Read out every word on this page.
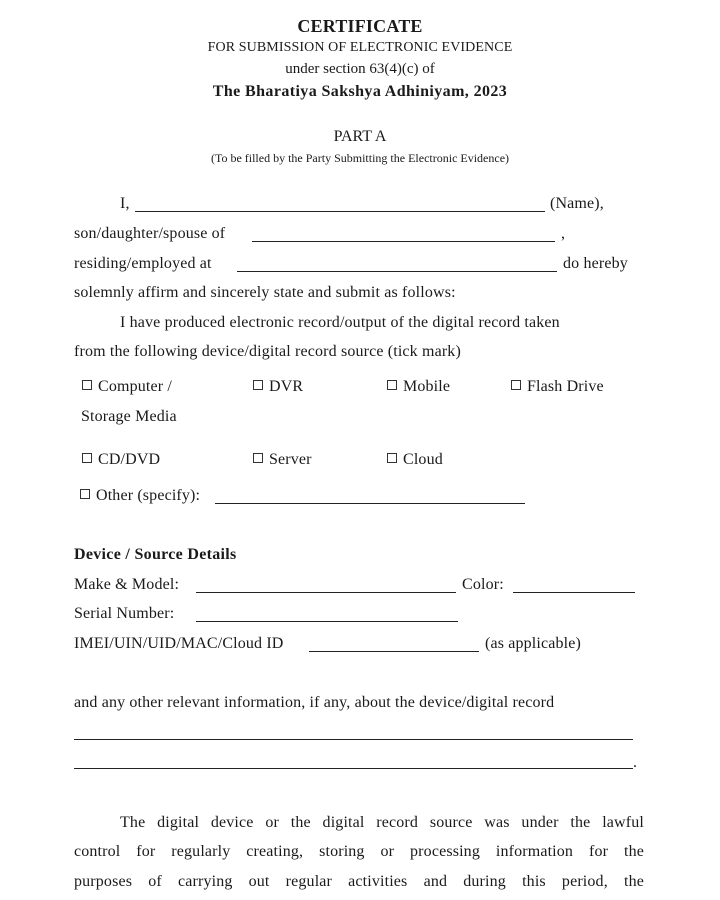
CERTIFICATE
FOR SUBMISSION OF ELECTRONIC EVIDENCE
under section 63(4)(c) of
The Bharatiya Sakshya Adhiniyam, 2023
PART A
(To be filled by the Party Submitting the Electronic Evidence)
I,	(Name),
son/daughter/spouse of	,
residing/employed at	do hereby
solemnly affirm and sincerely state and submit as follows:
I have produced electronic record/output of the digital record taken
from the following device/digital record source (tick mark)
Computer /
Storage Media
DVR	Mobile	Flash Drive
CD/DVD	Server	Cloud
Other (specify):
Device / Source Details
Make & Model:	Color:
Serial Number:
IMEI/UIN/UID/MAC/Cloud ID	(as applicable)
and any other relevant information, if any, about the device/digital record
.
The digital device or the digital record source was under the lawful
control for regularly creating, storing or processing information for the
purposes of carrying out regular activities and during this period, the
